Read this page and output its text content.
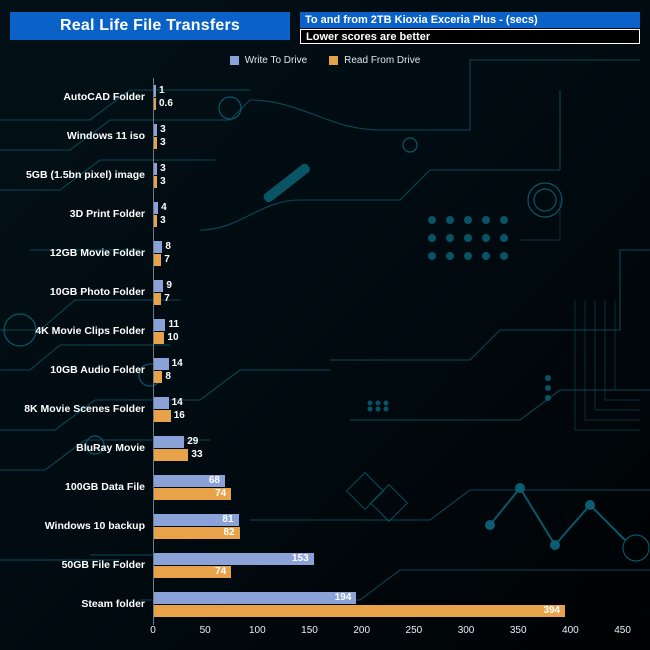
Real Life File Transfers	To and from 2TB Kioxia Exceria Plus - (secs)
Lower scores are better
Write To Drive	Read From Drive
AutoCAD Folder
1
0.6
Windows 11 iso
3
3
5GB (1.5bn pixel) image
3
3
3D Print Folder
4
3
12GB Movie Folder
8
7
10GB Photo Folder
9
7
4K Movie Clips Folder
11
10
10GB Audio Folder
14
8
8K Movie Scenes Folder
14
16
BluRay Movie
29
33
100GB Data File
68
74
Windows 10 backup
81
82
50GB File Folder
153
74
Steam folder
194
394
0	50	100	150	200	250	300	350	400	450
